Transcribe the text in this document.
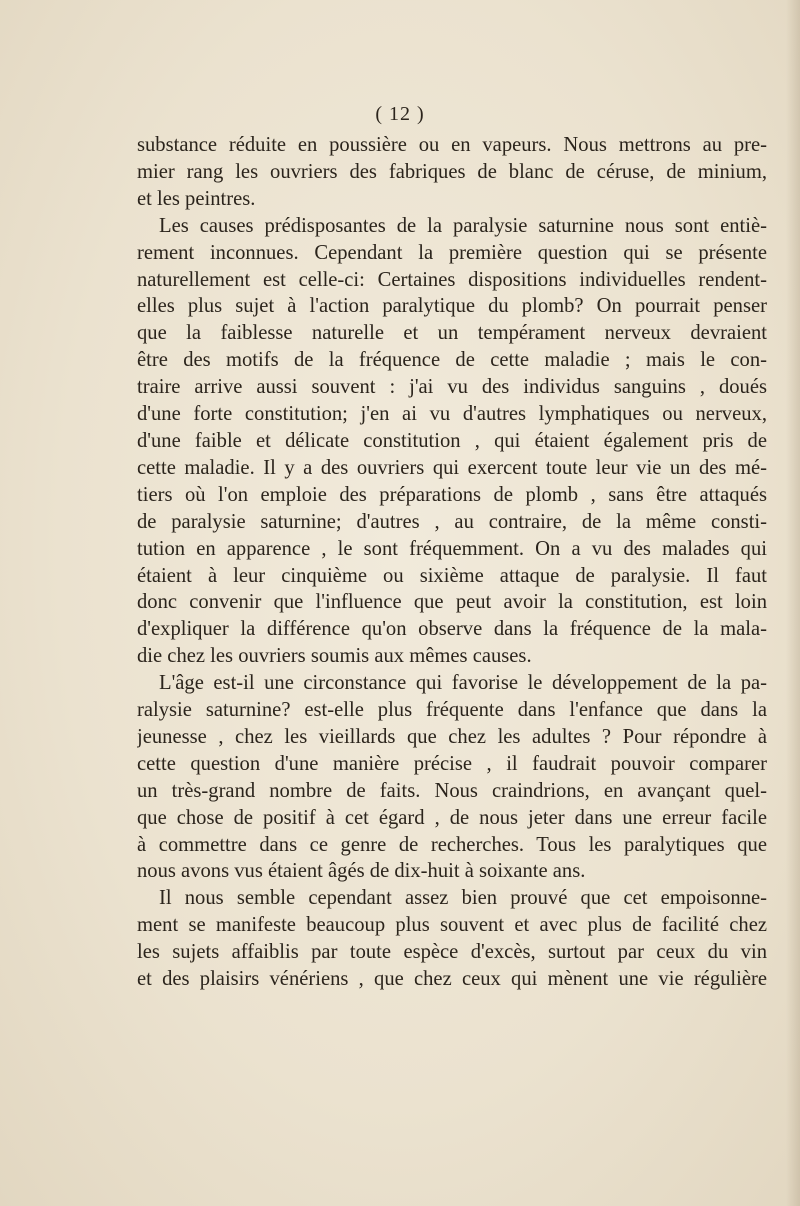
( 12 )
substance réduite en poussière ou en vapeurs. Nous mettrons au pre-
mier rang les ouvriers des fabriques de blanc de céruse, de minium,
et les peintres.
Les causes prédisposantes de la paralysie saturnine nous sont entiè-
rement inconnues. Cependant la première question qui se présente
naturellement est celle-ci: Certaines dispositions individuelles rendent-
elles plus sujet à l'action paralytique du plomb? On pourrait penser
que la faiblesse naturelle et un tempérament nerveux devraient
être des motifs de la fréquence de cette maladie ; mais le con-
traire arrive aussi souvent : j'ai vu des individus sanguins , doués
d'une forte constitution; j'en ai vu d'autres lymphatiques ou nerveux,
d'une faible et délicate constitution , qui étaient également pris de
cette maladie. Il y a des ouvriers qui exercent toute leur vie un des mé-
tiers où l'on emploie des préparations de plomb , sans être attaqués
de paralysie saturnine; d'autres , au contraire, de la même consti-
tution en apparence , le sont fréquemment. On a vu des malades qui
étaient à leur cinquième ou sixième attaque de paralysie. Il faut
donc convenir que l'influence que peut avoir la constitution, est loin
d'expliquer la différence qu'on observe dans la fréquence de la mala-
die chez les ouvriers soumis aux mêmes causes.
L'âge est-il une circonstance qui favorise le développement de la pa-
ralysie saturnine? est-elle plus fréquente dans l'enfance que dans la
jeunesse , chez les vieillards que chez les adultes ? Pour répondre à
cette question d'une manière précise , il faudrait pouvoir comparer
un très-grand nombre de faits. Nous craindrions, en avançant quel-
que chose de positif à cet égard , de nous jeter dans une erreur facile
à commettre dans ce genre de recherches. Tous les paralytiques que
nous avons vus étaient âgés de dix-huit à soixante ans.
Il nous semble cependant assez bien prouvé que cet empoisonne-
ment se manifeste beaucoup plus souvent et avec plus de facilité chez
les sujets affaiblis par toute espèce d'excès, surtout par ceux du vin
et des plaisirs vénériens , que chez ceux qui mènent une vie régulière
